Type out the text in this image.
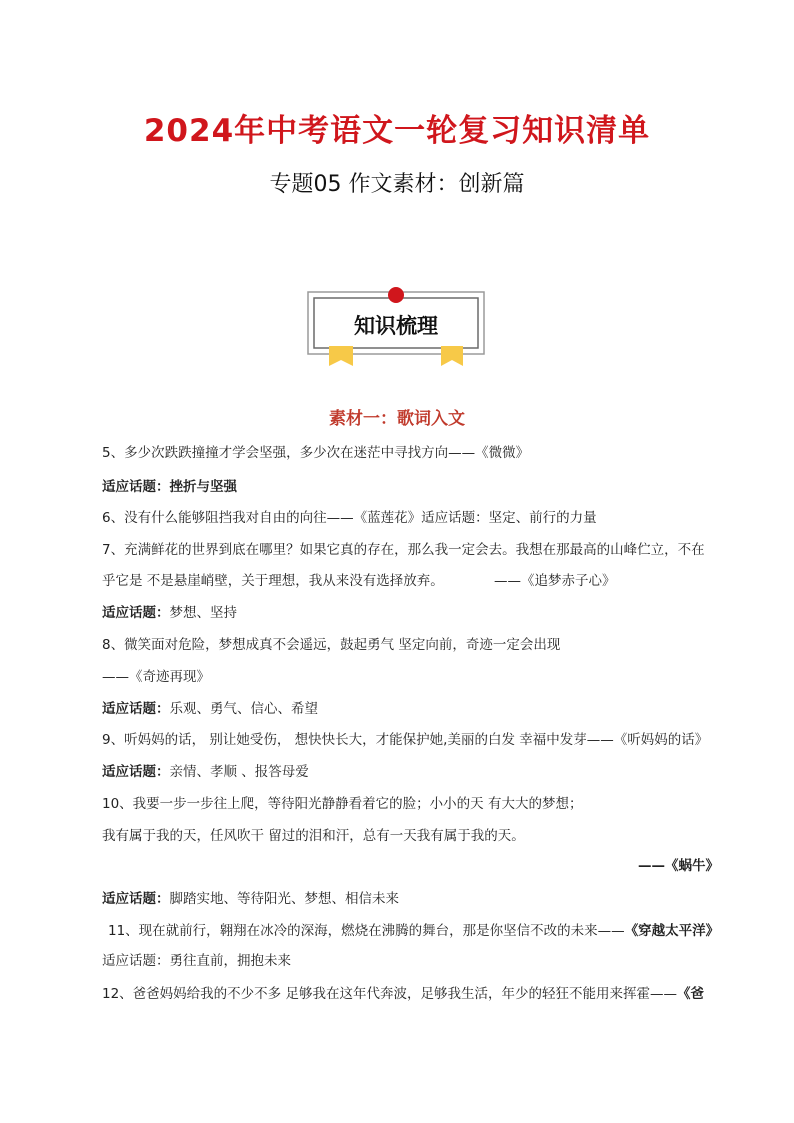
2024年中考语文一轮复习知识清单
专题05 作文素材：创新篇
知识梳理
素材一：歌词入文
5、多少次跌跌撞撞才学会坚强，多少次在迷茫中寻找方向——《微微》
适应话题：挫折与坚强
6、没有什么能够阻挡我对自由的向往——《蓝莲花》适应话题：坚定、前行的力量
7、充满鲜花的世界到底在哪里？如果它真的存在，那么我一定会去。我想在那最高的山峰伫立，不在
乎它是 不是悬崖峭壁，关于理想，我从来没有选择放弃。	——《追梦赤子心》
适应话题：梦想、坚持
8、微笑面对危险，梦想成真不会遥远，鼓起勇气 坚定向前，奇迹一定会出现
——《奇迹再现》
适应话题：乐观、勇气、信心、希望
9、听妈妈的话， 别让她受伤， 想快快长大，才能保护她,美丽的白发 幸福中发芽——《听妈妈的话》
适应话题：亲情、孝顺 、报答母爱
10、我要一步一步往上爬，等待阳光静静看着它的脸；小小的天 有大大的梦想；
我有属于我的天，任风吹干 留过的泪和汗，总有一天我有属于我的天。
——《蜗牛》
适应话题：脚踏实地、等待阳光、梦想、相信未来
11、现在就前行，翱翔在冰冷的深海，燃烧在沸腾的舞台，那是你坚信不改的未来——《穿越太平洋》
适应话题：勇往直前，拥抱未来
12、爸爸妈妈给我的不少不多 足够我在这年代奔波，足够我生活，年少的轻狂不能用来挥霍——《爸
